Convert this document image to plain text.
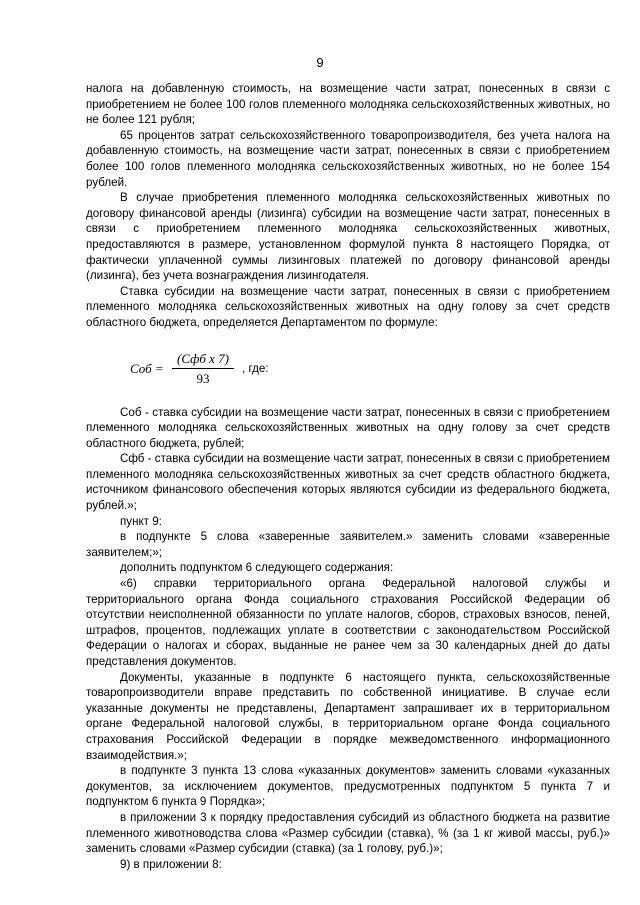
9

налога на добавленную стоимость, на возмещение части затрат, понесенных в связи с приобретением не более 100 голов племенного молодняка сельскохозяйственных животных, но не более 121 рубля;

65 процентов затрат сельскохозяйственного товаропроизводителя, без учета налога на добавленную стоимость, на возмещение части затрат, понесенных в связи с приобретением более 100 голов племенного молодняка сельскохозяйственных животных, но не более 154 рублей.

В случае приобретения племенного молодняка сельскохозяйственных животных по договору финансовой аренды (лизинга) субсидии на возмещение части затрат, понесенных в связи с приобретением племенного молодняка сельскохозяйственных животных, предоставляются в размере, установленном формулой пункта 8 настоящего Порядка, от фактически уплаченной суммы лизинговых платежей по договору финансовой аренды (лизинга), без учета вознаграждения лизингодателя.

Ставка субсидии на возмещение части затрат, понесенных в связи с приобретением племенного молодняка сельскохозяйственных животных на одну голову за счет средств областного бюджета, определяется Департаментом по формуле:

Соб =
(Сфб x 7)
93
, где:

Соб - ставка субсидии на возмещение части затрат, понесенных в связи с приобретением племенного молодняка сельскохозяйственных животных на одну голову за счет средств областного бюджета, рублей;

Сфб - ставка субсидии на возмещение части затрат, понесенных в связи с приобретением племенного молодняка сельскохозяйственных животных за счет средств областного бюджета, источником финансового обеспечения которых являются субсидии из федерального бюджета, рублей.»;

пункт 9:

в подпункте 5 слова «заверенные заявителем.» заменить словами «заверенные заявителем;»;

дополнить подпунктом 6 следующего содержания:

«6) справки территориального органа Федеральной налоговой службы и территориального органа Фонда социального страхования Российской Федерации об отсутствии неисполненной обязанности по уплате налогов, сборов, страховых взносов, пеней, штрафов, процентов, подлежащих уплате в соответствии с законодательством Российской Федерации о налогах и сборах, выданные не ранее чем за 30 календарных дней до даты представления документов.

Документы, указанные в подпункте 6 настоящего пункта, сельскохозяйственные товаропроизводители вправе представить по собственной инициативе. В случае если указанные документы не представлены, Департамент запрашивает их в территориальном органе Федеральной налоговой службы, в территориальном органе Фонда социального страхования Российской Федерации в порядке межведомственного информационного взаимодействия.»;

в подпункте 3 пункта 13 слова «указанных документов» заменить словами «указанных документов, за исключением документов, предусмотренных подпунктом 5 пункта 7 и подпунктом 6 пункта 9 Порядка»;

в приложении 3 к порядку предоставления субсидий из областного бюджета на развитие племенного животноводства слова «Размер субсидии (ставка), % (за 1 кг живой массы, руб.)» заменить словами «Размер субсидии (ставка) (за 1 голову, руб.)»;

9) в приложении 8:
